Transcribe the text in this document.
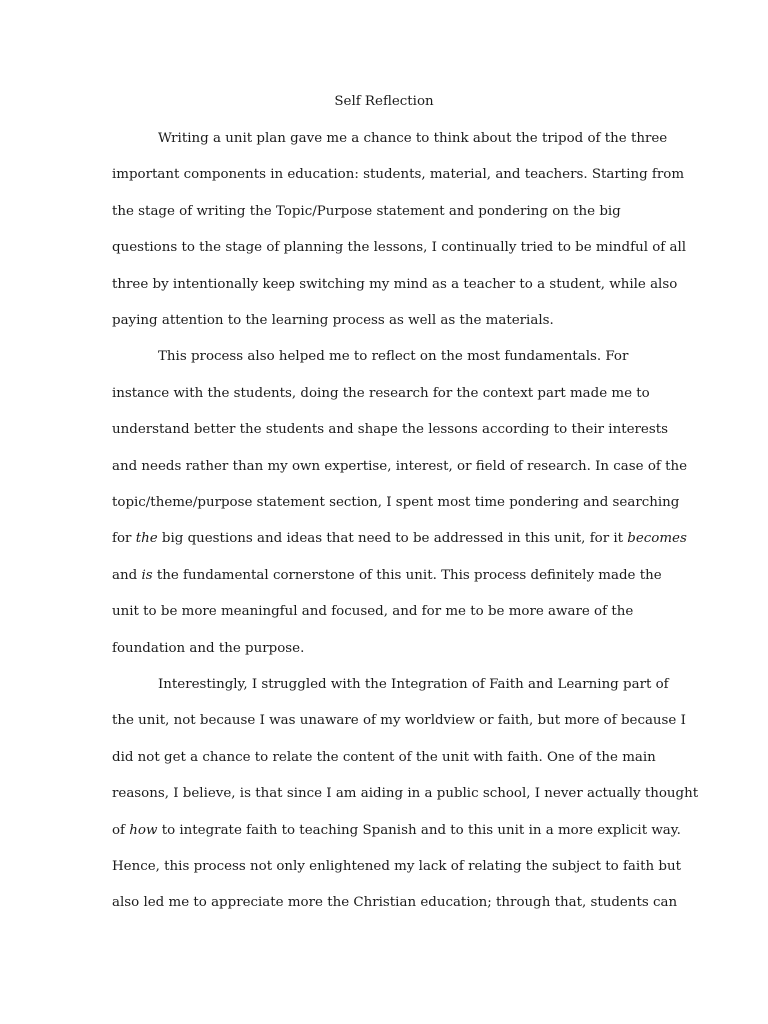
Self Reflection
Writing a unit plan gave me a chance to think about the tripod of the three
important components in education: students, material, and teachers. Starting from
the stage of writing the Topic/Purpose statement and pondering on the big
questions to the stage of planning the lessons, I continually tried to be mindful of all
three by intentionally keep switching my mind as a teacher to a student, while also
paying attention to the learning process as well as the materials.
This process also helped me to reflect on the most fundamentals. For
instance with the students, doing the research for the context part made me to
understand better the students and shape the lessons according to their interests
and needs rather than my own expertise, interest, or field of research. In case of the
topic/theme/purpose statement section, I spent most time pondering and searching
for the big questions and ideas that need to be addressed in this unit, for it becomes
and is the fundamental cornerstone of this unit. This process definitely made the
unit to be more meaningful and focused, and for me to be more aware of the
foundation and the purpose.
Interestingly, I struggled with the Integration of Faith and Learning part of
the unit, not because I was unaware of my worldview or faith, but more of because I
did not get a chance to relate the content of the unit with faith. One of the main
reasons, I believe, is that since I am aiding in a public school, I never actually thought
of how to integrate faith to teaching Spanish and to this unit in a more explicit way.
Hence, this process not only enlightened my lack of relating the subject to faith but
also led me to appreciate more the Christian education; through that, students can
